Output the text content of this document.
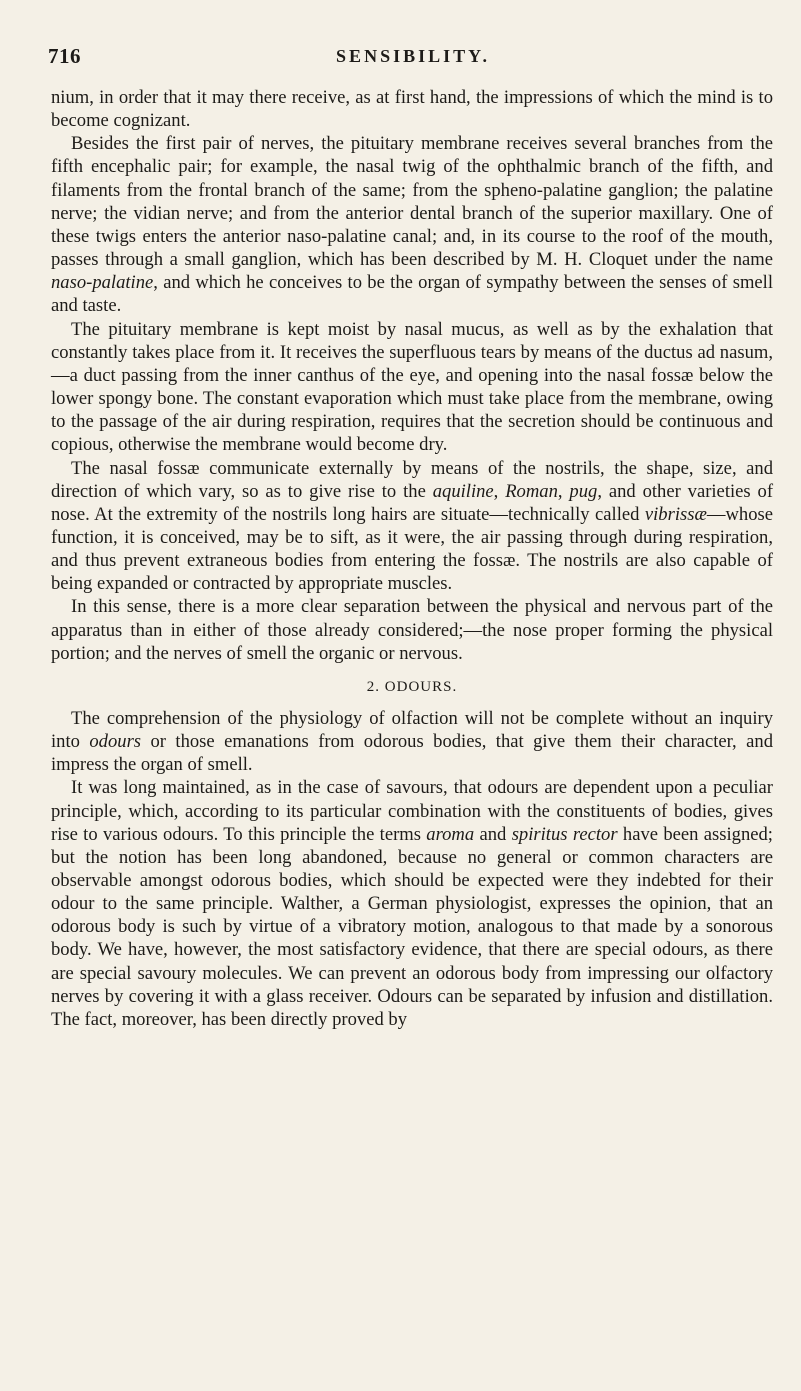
716	SENSIBILITY.

nium, in order that it may there receive, as at first hand, the impressions of which the mind is to become cognizant.

Besides the first pair of nerves, the pituitary membrane receives several branches from the fifth encephalic pair; for example, the nasal twig of the ophthalmic branch of the fifth, and filaments from the frontal branch of the same; from the spheno-palatine ganglion; the palatine nerve; the vidian nerve; and from the anterior dental branch of the superior maxillary. One of these twigs enters the anterior naso-palatine canal; and, in its course to the roof of the mouth, passes through a small ganglion, which has been described by M. H. Cloquet under the name naso-palatine, and which he conceives to be the organ of sympathy between the senses of smell and taste.

The pituitary membrane is kept moist by nasal mucus, as well as by the exhalation that constantly takes place from it. It receives the superfluous tears by means of the ductus ad nasum,—a duct passing from the inner canthus of the eye, and opening into the nasal fossæ below the lower spongy bone. The constant evaporation which must take place from the membrane, owing to the passage of the air during respiration, requires that the secretion should be continuous and copious, otherwise the membrane would become dry.

The nasal fossæ communicate externally by means of the nostrils, the shape, size, and direction of which vary, so as to give rise to the aquiline, Roman, pug, and other varieties of nose. At the extremity of the nostrils long hairs are situate—technically called vibrissæ—whose function, it is conceived, may be to sift, as it were, the air passing through during respiration, and thus prevent extraneous bodies from entering the fossæ. The nostrils are also capable of being expanded or contracted by appropriate muscles.

In this sense, there is a more clear separation between the physical and nervous part of the apparatus than in either of those already considered;—the nose proper forming the physical portion; and the nerves of smell the organic or nervous.

2. ODOURS.

The comprehension of the physiology of olfaction will not be complete without an inquiry into odours or those emanations from odorous bodies, that give them their character, and impress the organ of smell.

It was long maintained, as in the case of savours, that odours are dependent upon a peculiar principle, which, according to its particular combination with the constituents of bodies, gives rise to various odours. To this principle the terms aroma and spiritus rector have been assigned; but the notion has been long abandoned, because no general or common characters are observable amongst odorous bodies, which should be expected were they indebted for their odour to the same principle. Walther, a German physiologist, expresses the opinion, that an odorous body is such by virtue of a vibratory motion, analogous to that made by a sonorous body. We have, however, the most satisfactory evidence, that there are special odours, as there are special savoury molecules. We can prevent an odorous body from impressing our olfactory nerves by covering it with a glass receiver. Odours can be separated by infusion and distillation. The fact, moreover, has been directly proved by
